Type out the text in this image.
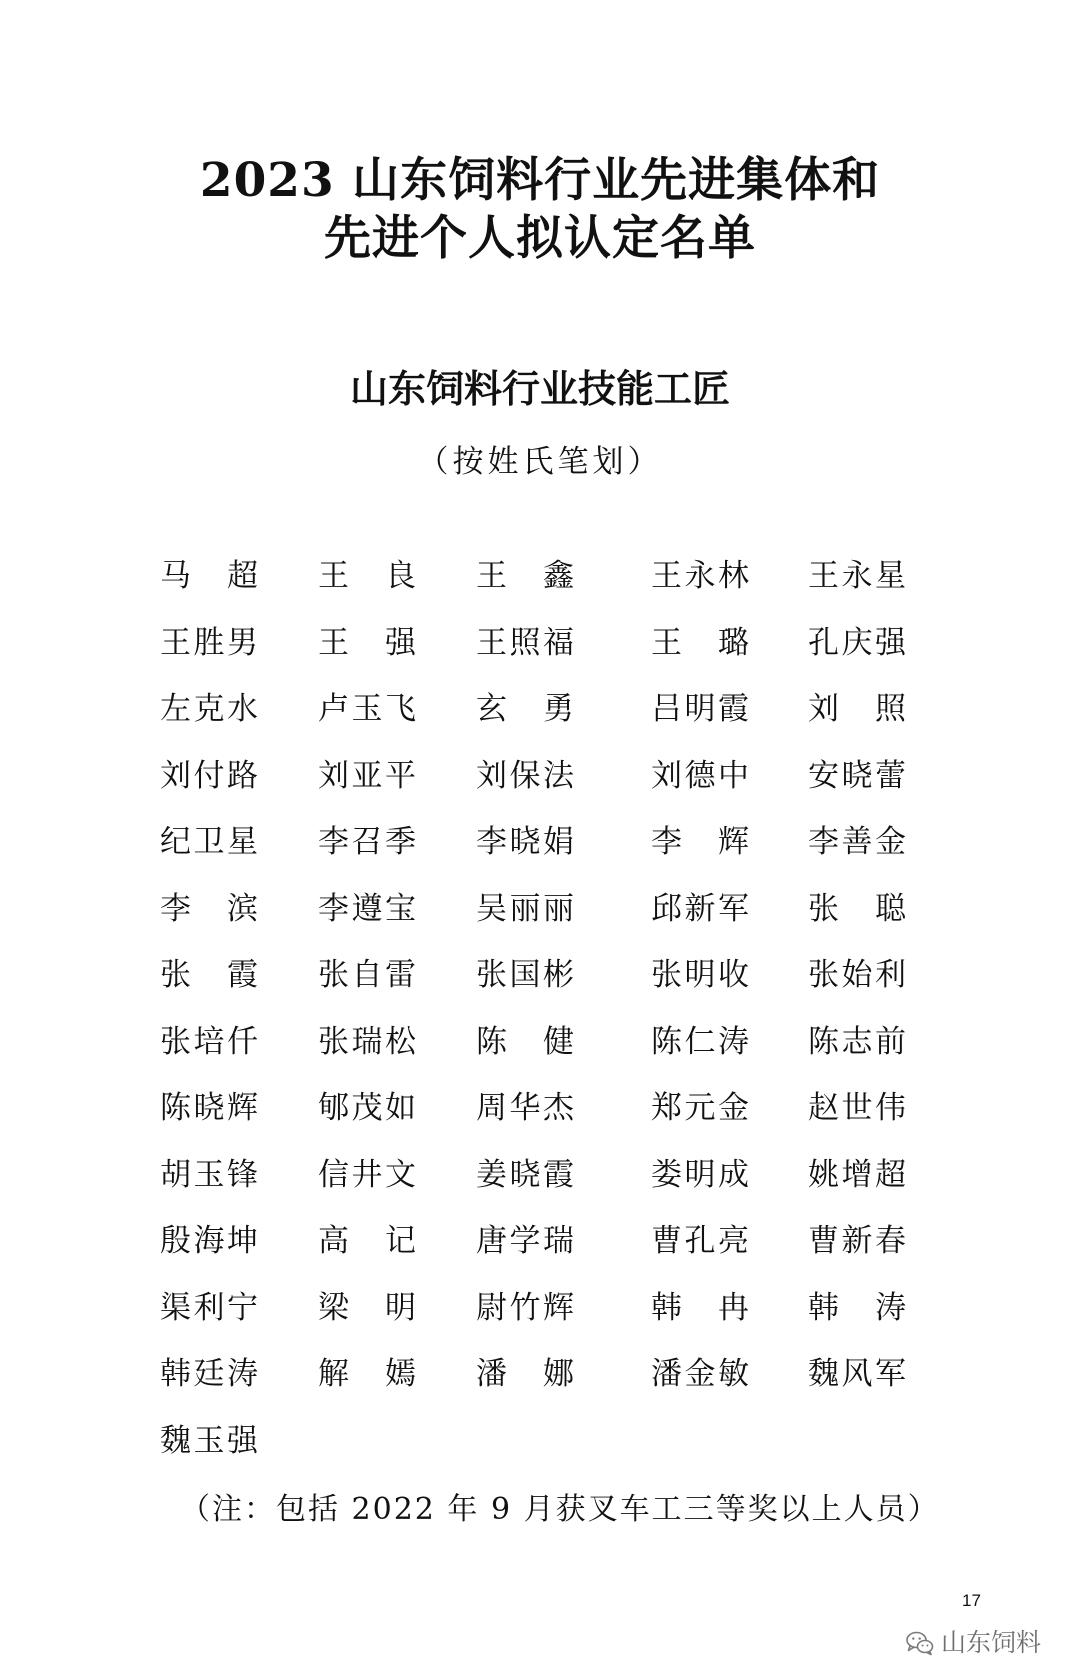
2023 山东饲料行业先进集体和
先进个人拟认定名单
山东饲料行业技能工匠
（按姓氏笔划）
马 超 王 良 王 鑫 王 永 林 王 永 星
王 胜 男 王 强 王 照 福 王 璐 孔 庆 强
左 克 水 卢 玉 飞 玄 勇 吕 明 霞 刘 照
刘 付 路 刘 亚 平 刘 保 法 刘 德 中 安 晓 蕾
纪 卫 星 李 召 季 李 晓 娟 李 辉 李 善 金
李 滨 李 遵 宝 吴 丽 丽 邱 新 军 张 聪
张 霞 张 自 雷 张 国 彬 张 明 收 张 始 利
张 培 仟 张 瑞 松 陈 健 陈 仁 涛 陈 志 前
陈 晓 辉 郇 茂 如 周 华 杰 郑 元 金 赵 世 伟
胡 玉 锋 信 井 文 姜 晓 霞 娄 明 成 姚 增 超
殷 海 坤 高 记 唐 学 瑞 曹 孔 亮 曹 新 春
渠 利 宁 梁 明 尉 竹 辉 韩 冉 韩 涛
韩 廷 涛 解 嫣 潘 娜 潘 金 敏 魏 风 军
魏 玉 强
（注：包括 2022 年 9 月获叉车工三等奖以上人员）
17
山东饲料
